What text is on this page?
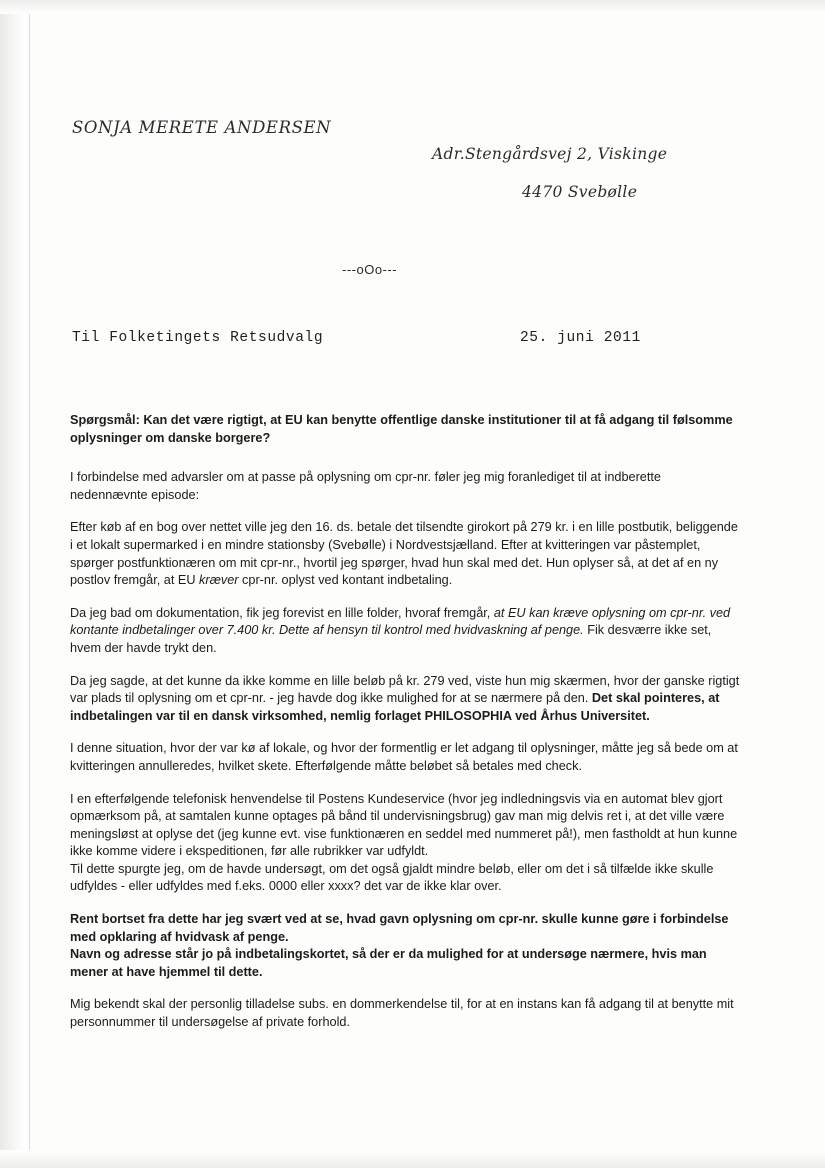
SONJA MERETE ANDERSEN
Adr.Stengårdsvej 2, Viskinge
4470 Svebølle
---oOo---
Til Folketingets Retsudvalg	25. juni 2011

Spørgsmål: Kan det være rigtigt, at EU kan benytte offentlige danske institutioner til at få adgang til følsomme oplysninger om danske borgere?

I forbindelse med advarsler om at passe på oplysning om cpr-nr. føler jeg mig foranlediget til at indberette nedennævnte episode:

Efter køb af en bog over nettet ville jeg den 16. ds. betale det tilsendte girokort på 279 kr. i en lille postbutik, beliggende i et lokalt supermarked i en mindre stationsby (Svebølle) i Nordvestsjælland. Efter at kvitteringen var påstemplet, spørger postfunktionæren om mit cpr-nr., hvortil jeg spørger, hvad hun skal med det. Hun oplyser så, at det af en ny postlov fremgår, at EU kræver cpr-nr. oplyst ved kontant indbetaling.

Da jeg bad om dokumentation, fik jeg forevist en lille folder, hvoraf fremgår, at EU kan kræve oplysning om cpr-nr. ved kontante indbetalinger over 7.400 kr. Dette af hensyn til kontrol med hvidvaskning af penge. Fik desværre ikke set, hvem der havde trykt den.

Da jeg sagde, at det kunne da ikke komme en lille beløb på kr. 279 ved, viste hun mig skærmen, hvor der ganske rigtigt var plads til oplysning om et cpr-nr. - jeg havde dog ikke mulighed for at se nærmere på den. Det skal pointeres, at indbetalingen var til en dansk virksomhed, nemlig forlaget PHILOSOPHIA ved Århus Universitet.

I denne situation, hvor der var kø af lokale, og hvor der formentlig er let adgang til oplysninger, måtte jeg så bede om at kvitteringen annulleredes, hvilket skete. Efterfølgende måtte beløbet så betales med check.

I en efterfølgende telefonisk henvendelse til Postens Kundeservice (hvor jeg indledningsvis via en automat blev gjort opmærksom på, at samtalen kunne optages på bånd til undervisningsbrug) gav man mig delvis ret i, at det ville være meningsløst at oplyse det (jeg kunne evt. vise funktionæren en seddel med nummeret på!), men fastholdt at hun kunne ikke komme videre i ekspeditionen, før alle rubrikker var udfyldt.

Til dette spurgte jeg, om de havde undersøgt, om det også gjaldt mindre beløb, eller om det i så tilfælde ikke skulle udfyldes - eller udfyldes med f.eks. 0000 eller xxxx? det var de ikke klar over.

Rent bortset fra dette har jeg svært ved at se, hvad gavn oplysning om cpr-nr. skulle kunne gøre i forbindelse med opklaring af hvidvask af penge.

Navn og adresse står jo på indbetalingskortet, så der er da mulighed for at undersøge nærmere, hvis man mener at have hjemmel til dette.

Mig bekendt skal der personlig tilladelse subs. en dommerkendelse til, for at en instans kan få adgang til at benytte mit personnummer til undersøgelse af private forhold.
